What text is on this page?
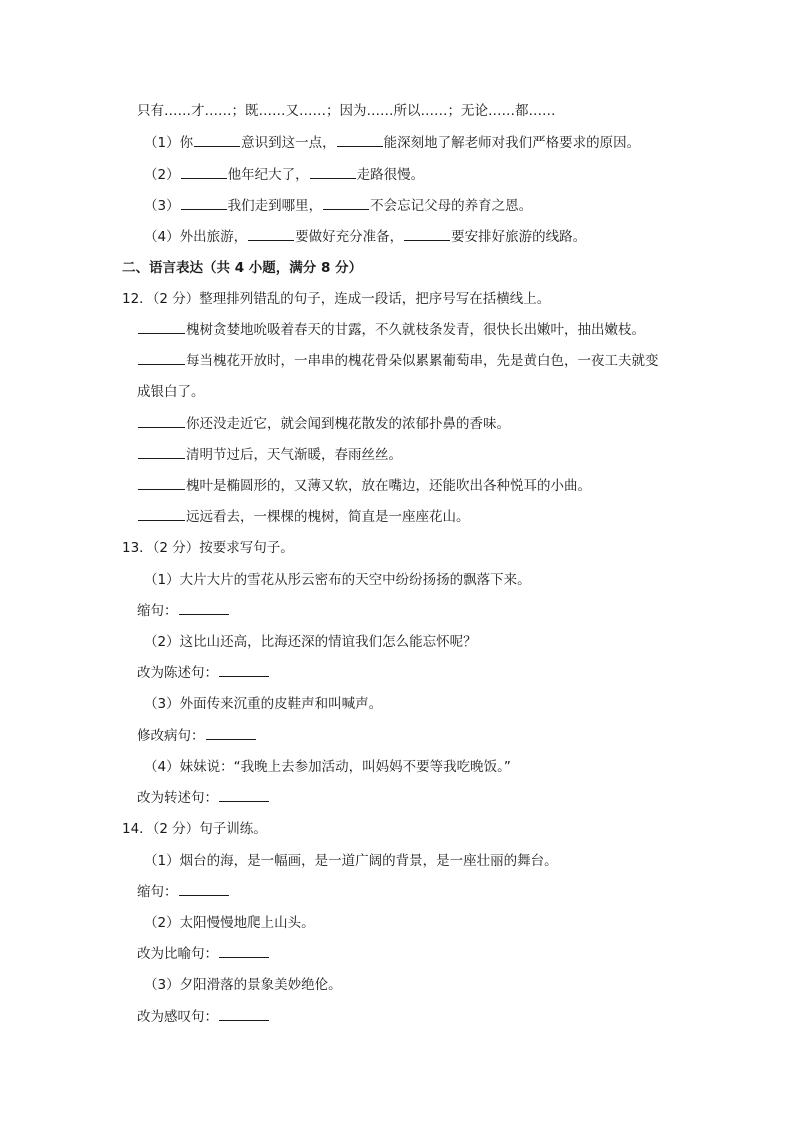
只有……才……；既……又……；因为……所以……；无论……都……
（1）你	意识到这一点，	能深刻地了解老师对我们严格要求的原因。
（2）	他年纪大了，	走路很慢。
（3）	我们走到哪里，	不会忘记父母的养育之恩。
（4）外出旅游，	要做好充分准备，	要安排好旅游的线路。
二、语言表达（共 4 小题，满分 8 分）
12．（2 分）整理排列错乱的句子，连成一段话，把序号写在括横线上。
槐树贪婪地吮吸着春天的甘露，不久就枝条发青，很快长出嫩叶，抽出嫩枝。
每当槐花开放时，一串串的槐花骨朵似累累葡萄串，先是黄白色，一夜工夫就变
成银白了。
你还没走近它，就会闻到槐花散发的浓郁扑鼻的香味。
清明节过后，天气渐暖，春雨丝丝。
槐叶是椭圆形的，又薄又软，放在嘴边，还能吹出各种悦耳的小曲。
远远看去，一棵棵的槐树，简直是一座座花山。
13．（2 分）按要求写句子。
（1）大片大片的雪花从彤云密布的天空中纷纷扬扬的飘落下来。
缩句：
（2）这比山还高，比海还深的情谊我们怎么能忘怀呢？
改为陈述句：
（3）外面传来沉重的皮鞋声和叫喊声。
修改病句：
（4）妹妹说：“我晚上去参加活动，叫妈妈不要等我吃晚饭。”
改为转述句：
14．（2 分）句子训练。
（1）烟台的海，是一幅画，是一道广阔的背景，是一座壮丽的舞台。
缩句：
（2）太阳慢慢地爬上山头。
改为比喻句：
（3）夕阳滑落的景象美妙绝伦。
改为感叹句：
